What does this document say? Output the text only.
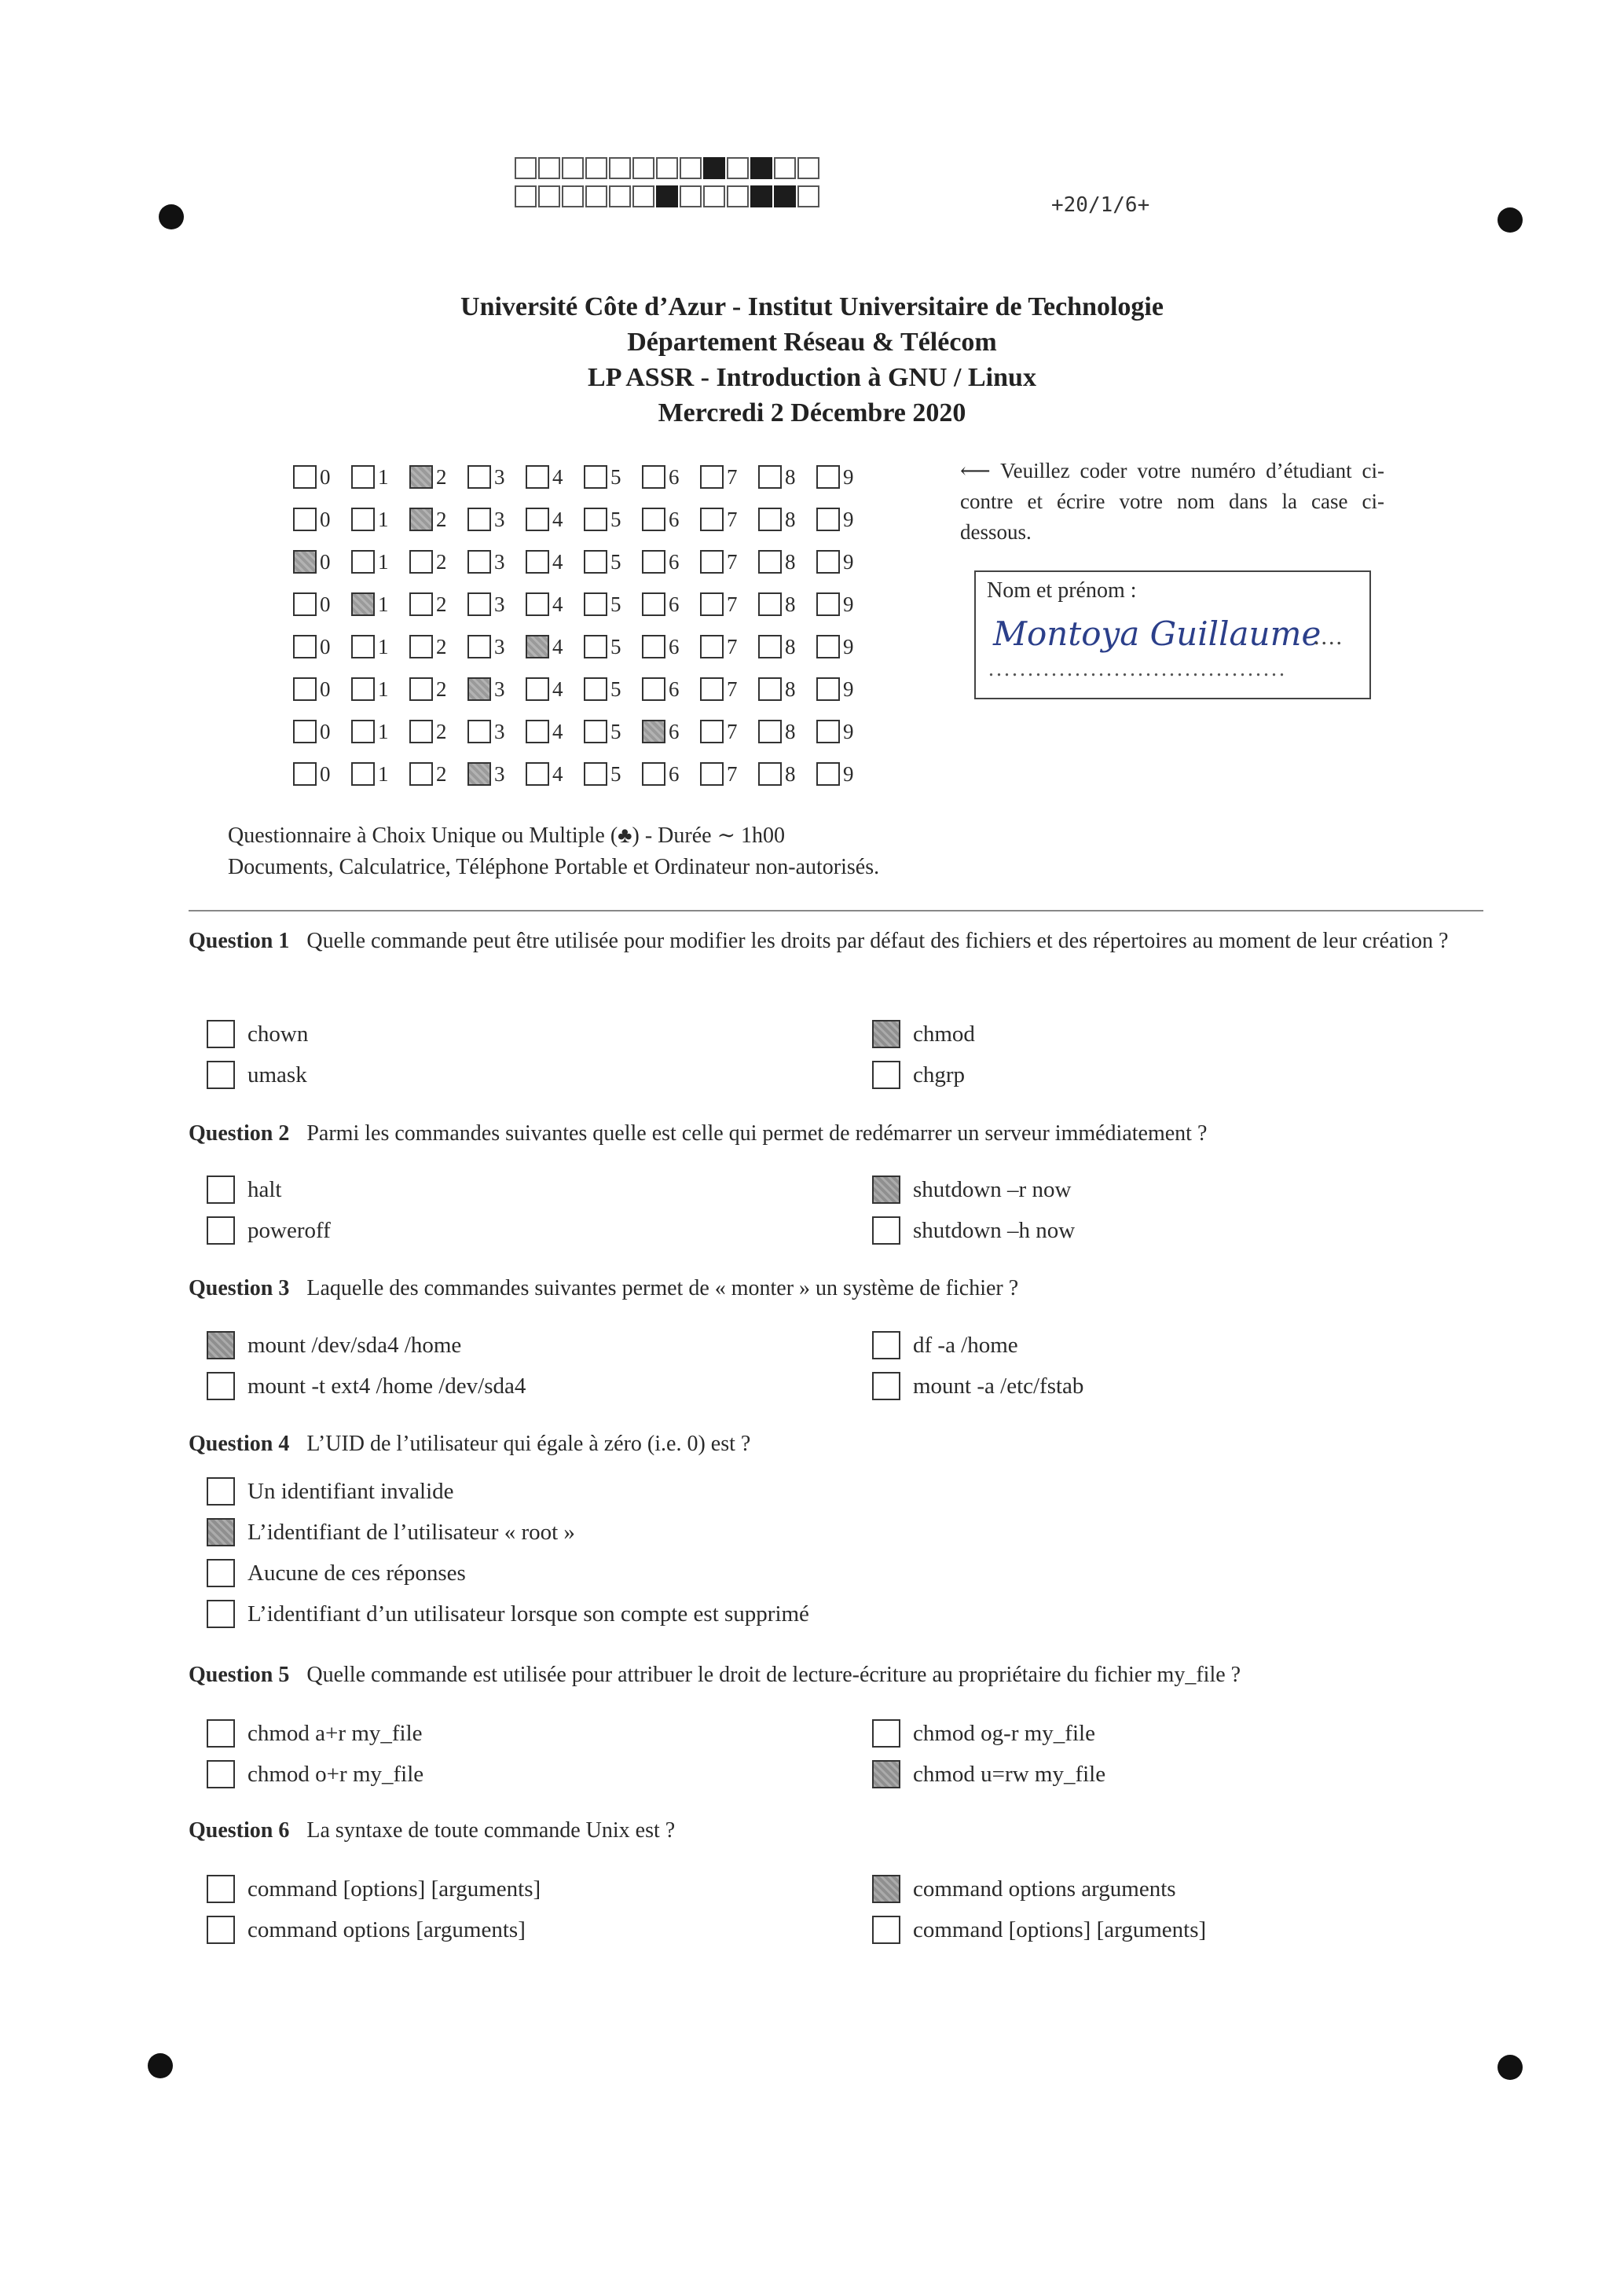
+20/1/6+
Université Côte d’Azur - Institut Universitaire de Technologie
Département Réseau & Télécom
LP ASSR - Introduction à GNU / Linux
Mercredi 2 Décembre 2020
0 1 2 3 4 5 6 7 8 9
0 1 2 3 4 5 6 7 8 9
0 1 2 3 4 5 6 7 8 9
0 1 2 3 4 5 6 7 8 9
0 1 2 3 4 5 6 7 8 9
0 1 2 3 4 5 6 7 8 9
0 1 2 3 4 5 6 7 8 9
0 1 2 3 4 5 6 7 8 9
⟵ Veuillez coder votre numéro d’étudiant ci-contre et écrire votre nom dans la case ci-dessous.
Nom et prénom :
Montoya Guillaume
....
......................................
Questionnaire à Choix Unique ou Multiple (♣) - Durée ∼ 1h00
Documents, Calculatrice, Téléphone Portable et Ordinateur non-autorisés.
Question 1 Quelle commande peut être utilisée pour modifier les droits par défaut des fichiers et des répertoires au moment de leur création ?
chown	chmod
umask	chgrp
Question 2 Parmi les commandes suivantes quelle est celle qui permet de redémarrer un serveur immédiatement ?
halt	shutdown –r now
poweroff	shutdown –h now
Question 3 Laquelle des commandes suivantes permet de « monter » un système de fichier ?
mount /dev/sda4 /home	df -a /home
mount -t ext4 /home /dev/sda4	mount -a /etc/fstab
Question 4 L’UID de l’utilisateur qui égale à zéro (i.e. 0) est ?
Un identifiant invalide
L’identifiant de l’utilisateur « root »
Aucune de ces réponses
L’identifiant d’un utilisateur lorsque son compte est supprimé
Question 5 Quelle commande est utilisée pour attribuer le droit de lecture-écriture au propriétaire du fichier my_file ?
chmod a+r my_file	chmod og-r my_file
chmod o+r my_file	chmod u=rw my_file
Question 6 La syntaxe de toute commande Unix est ?
command [options] [arguments]	command options arguments
command options [arguments]	command [options] [arguments]
